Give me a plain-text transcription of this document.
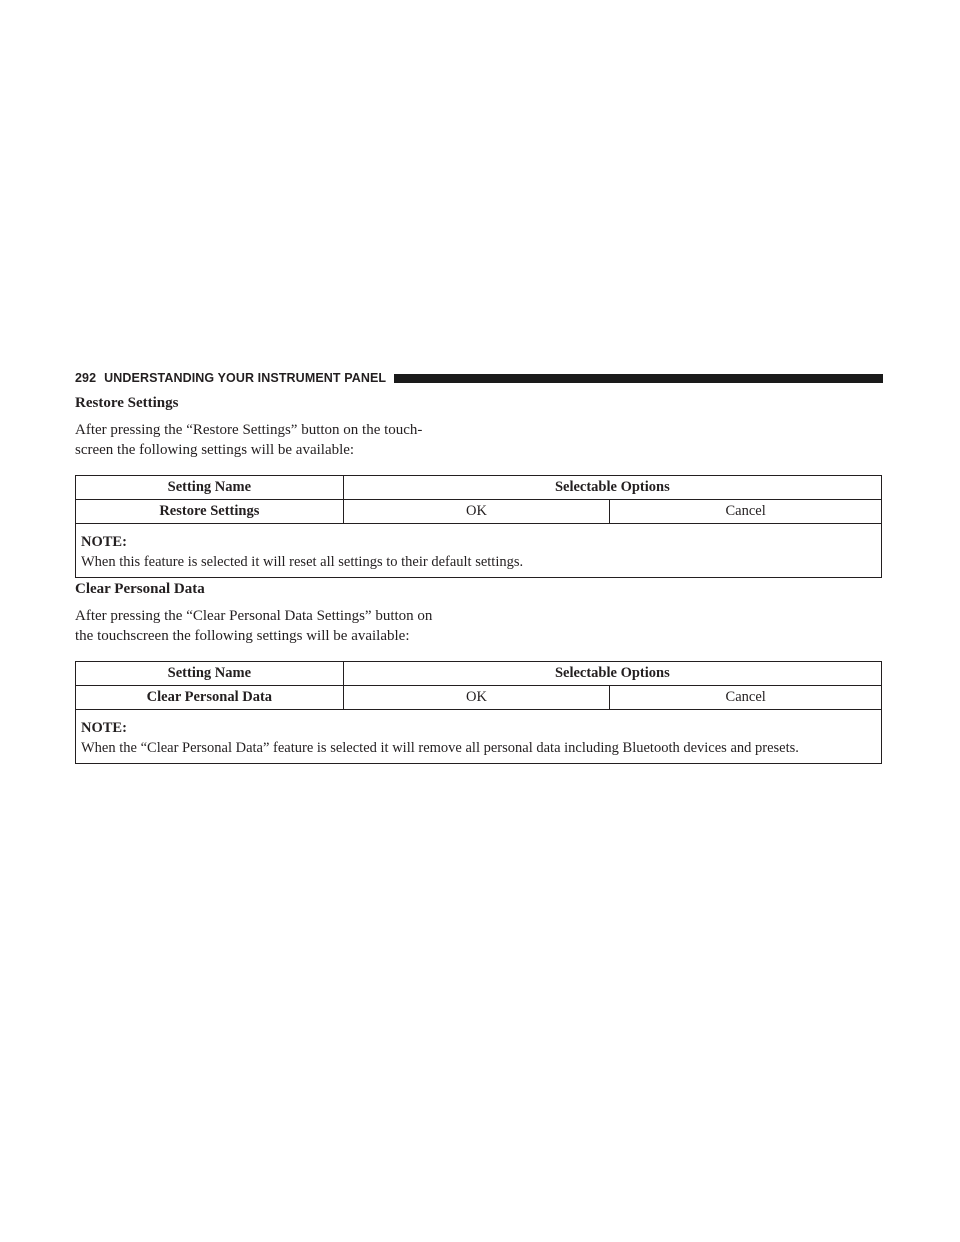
292 UNDERSTANDING YOUR INSTRUMENT PANEL
Restore Settings
After pressing the “Restore Settings” button on the touch-
screen the following settings will be available:
Setting Name	Selectable Options	
Restore Settings	OK	Cancel

NOTE:
When this feature is selected it will reset all settings to their default settings.		
Clear Personal Data
After pressing the “Clear Personal Data Settings” button on
the touchscreen the following settings will be available:
Setting Name	Selectable Options	
Clear Personal Data	OK	Cancel

NOTE:
When the “Clear Personal Data” feature is selected it will remove all personal data including Bluetooth devices and presets.		
